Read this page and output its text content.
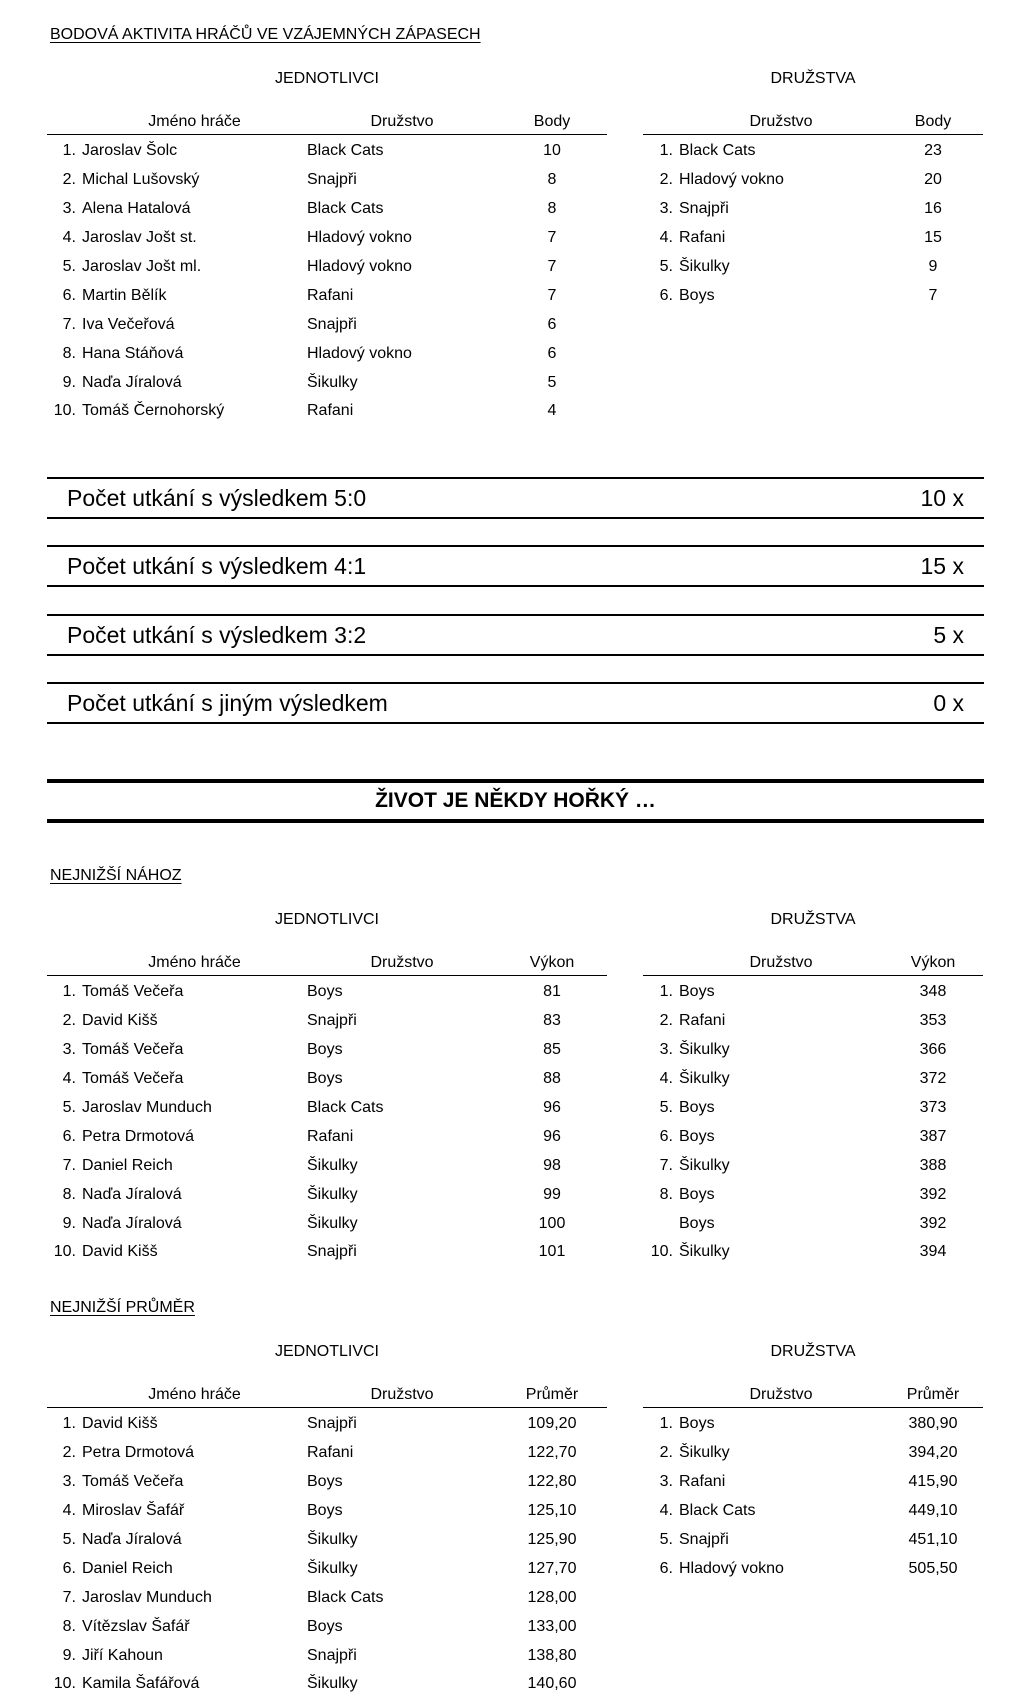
BODOVÁ AKTIVITA HRÁČŮ VE VZÁJEMNÝCH ZÁPASECH
JEDNOTLIVCI	DRUŽSTVA
	Jméno hráče	Družstvo	Body
1.	Jaroslav Šolc	Black Cats	10
2.	Michal Lušovský	Snajpři	8
3.	Alena Hatalová	Black Cats	8
4.	Jaroslav Jošt st.	Hladový vokno	7
5.	Jaroslav Jošt ml.	Hladový vokno	7
6.	Martin Bělík	Rafani	7
7.	Iva Večeřová	Snajpři	6
8.	Hana Stáňová	Hladový vokno	6
9.	Naďa Jíralová	Šikulky	5
10.	Tomáš Černohorský	Rafani	4
	Družstvo	Body
1.	Black Cats	23
2.	Hladový vokno	20
3.	Snajpři	16
4.	Rafani	15
5.	Šikulky	9
6.	Boys	7
Počet utkání s výsledkem 5:0	10 x
Počet utkání s výsledkem 4:1	15 x
Počet utkání s výsledkem 3:2	5 x
Počet utkání s jiným výsledkem	0 x
ŽIVOT JE NĚKDY HOŘKÝ …
NEJNIŽŠÍ NÁHOZ
JEDNOTLIVCI	DRUŽSTVA
	Jméno hráče	Družstvo	Výkon
1.	Tomáš Večeřa	Boys	81
2.	David Kišš	Snajpři	83
3.	Tomáš Večeřa	Boys	85
4.	Tomáš Večeřa	Boys	88
5.	Jaroslav Munduch	Black Cats	96
6.	Petra Drmotová	Rafani	96
7.	Daniel Reich	Šikulky	98
8.	Naďa Jíralová	Šikulky	99
9.	Naďa Jíralová	Šikulky	100
10.	David Kišš	Snajpři	101
	Družstvo	Výkon
1.	Boys	348
2.	Rafani	353
3.	Šikulky	366
4.	Šikulky	372
5.	Boys	373
6.	Boys	387
7.	Šikulky	388
8.	Boys	392
	Boys	392
10.	Šikulky	394
NEJNIŽŠÍ PRŮMĚR
JEDNOTLIVCI	DRUŽSTVA
	Jméno hráče	Družstvo	Průměr
1.	David Kišš	Snajpři	109,20
2.	Petra Drmotová	Rafani	122,70
3.	Tomáš Večeřa	Boys	122,80
4.	Miroslav Šafář	Boys	125,10
5.	Naďa Jíralová	Šikulky	125,90
6.	Daniel Reich	Šikulky	127,70
7.	Jaroslav Munduch	Black Cats	128,00
8.	Vítězslav Šafář	Boys	133,00
9.	Jiří Kahoun	Snajpři	138,80
10.	Kamila Šafářová	Šikulky	140,60
	Družstvo	Průměr
1.	Boys	380,90
2.	Šikulky	394,20
3.	Rafani	415,90
4.	Black Cats	449,10
5.	Snajpři	451,10
6.	Hladový vokno	505,50
